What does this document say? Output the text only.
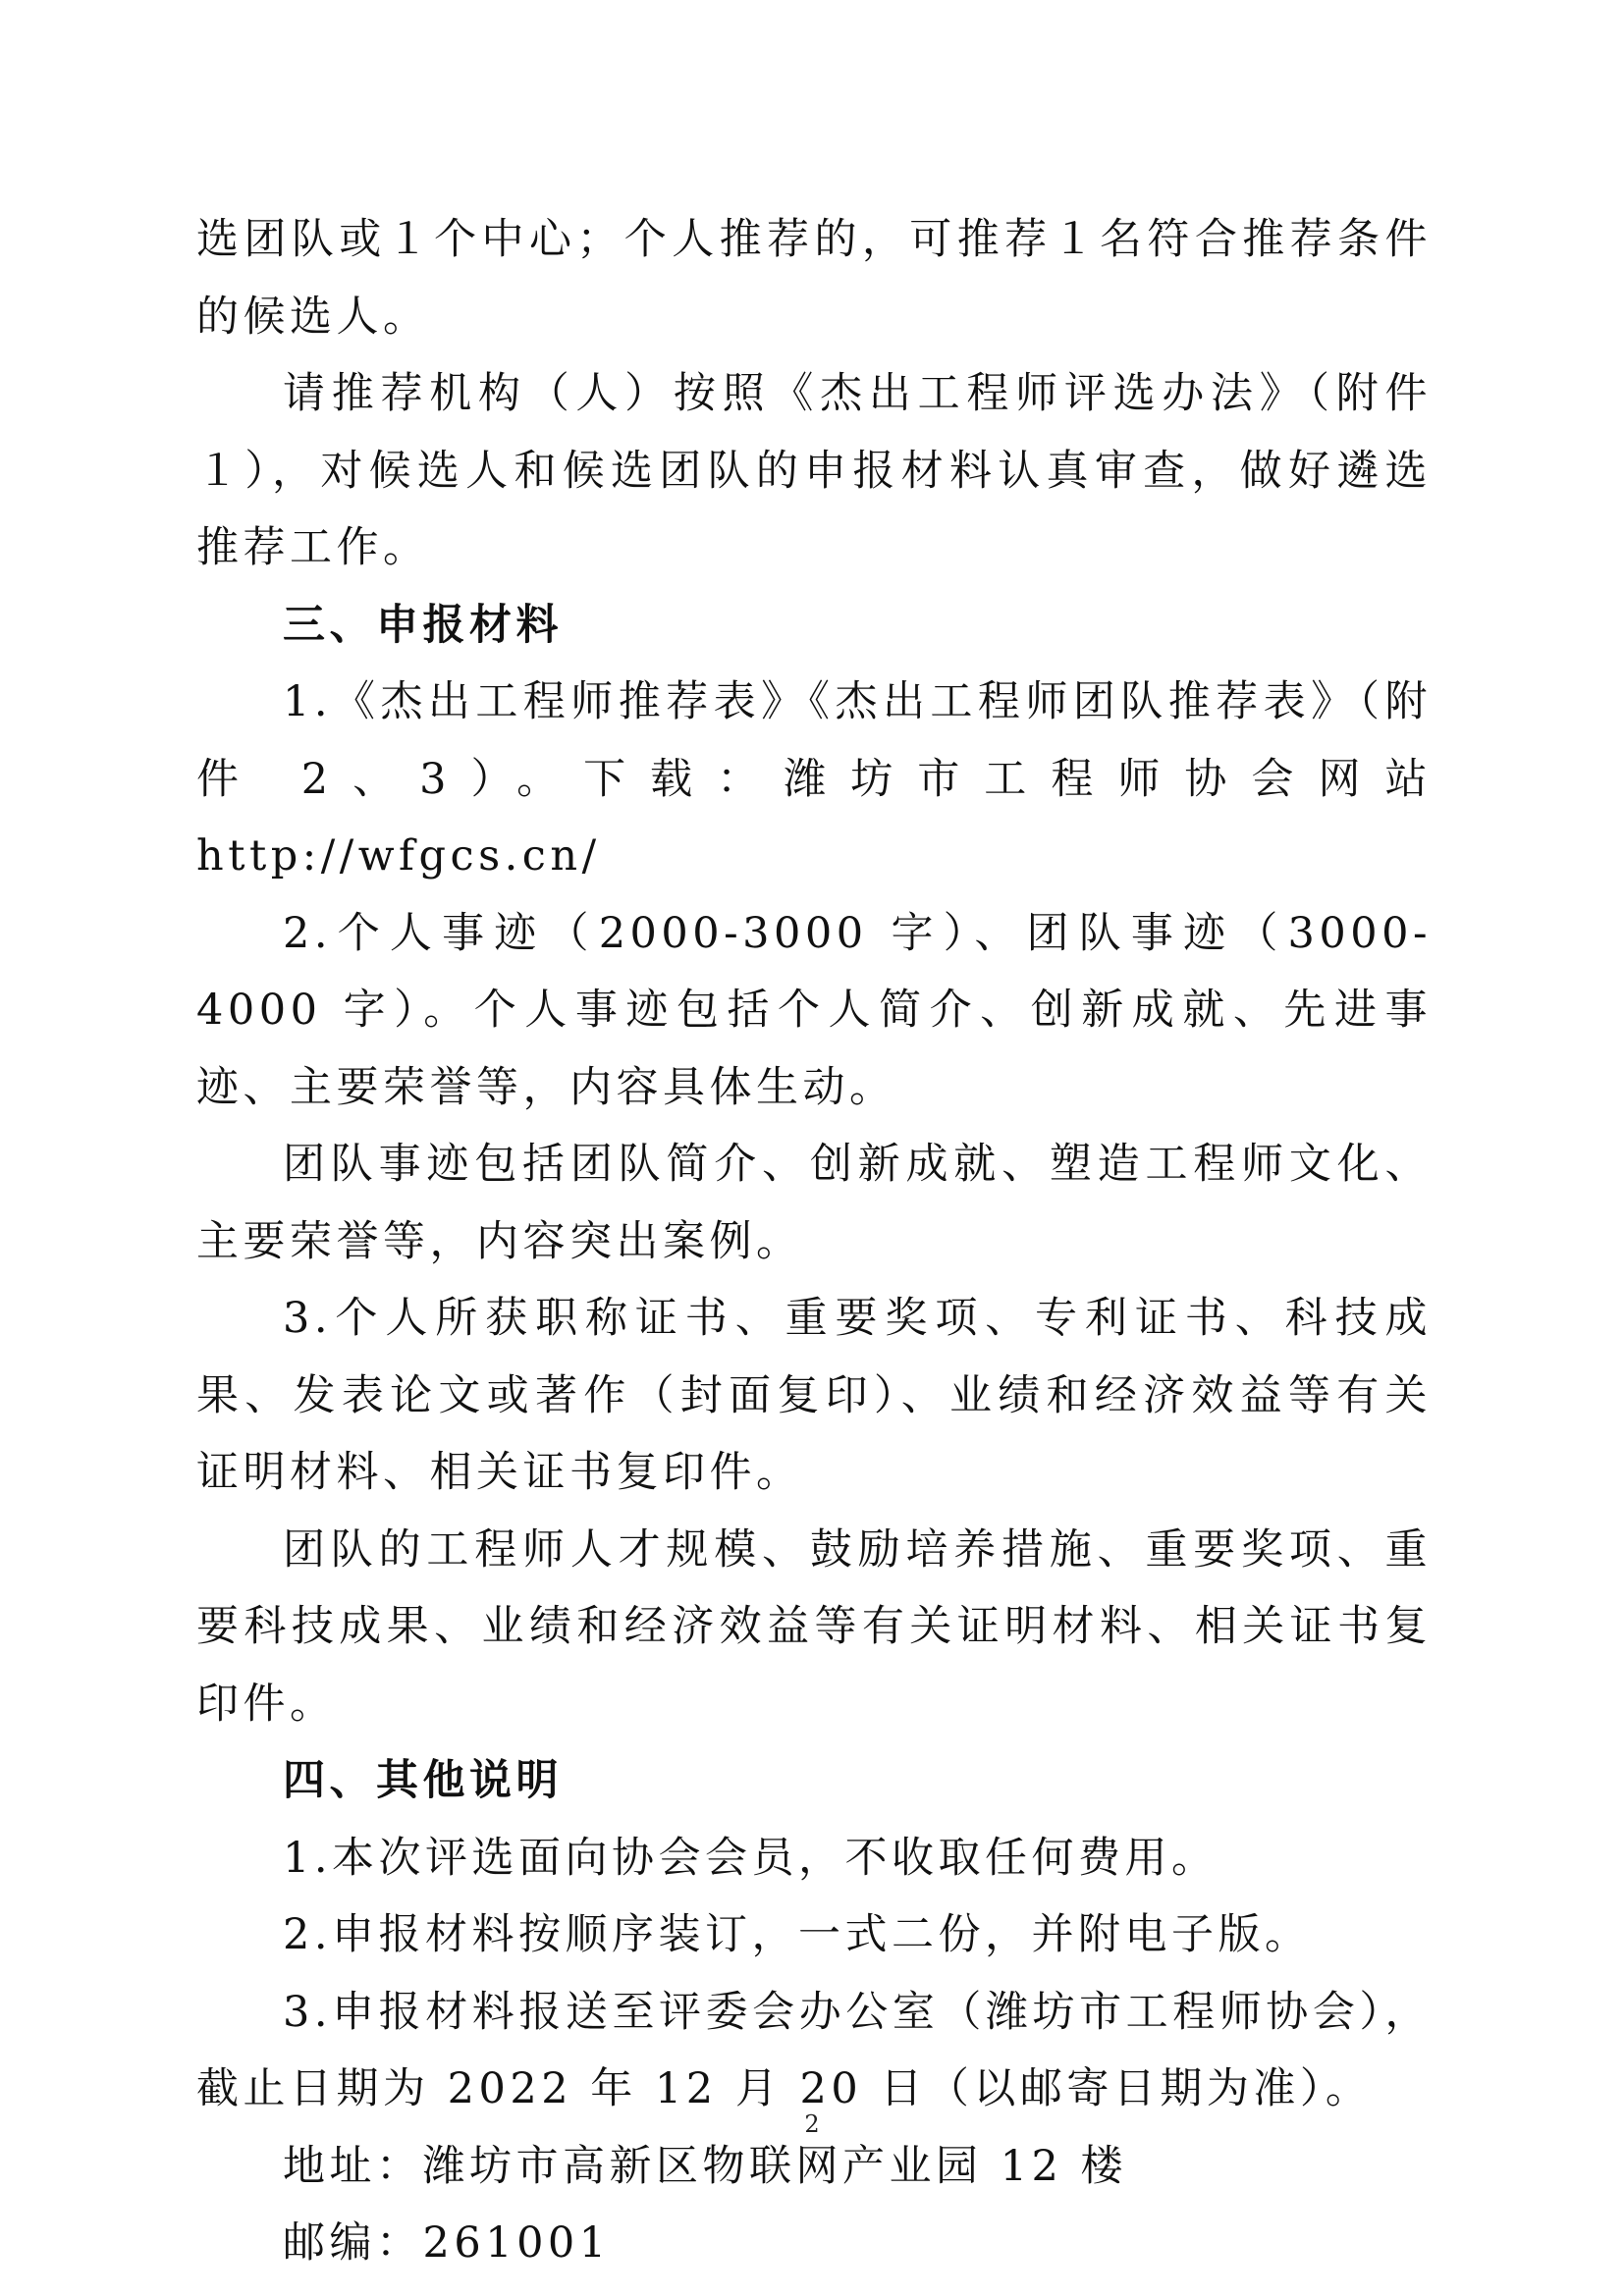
选团队或１个中心；个人推荐的，可推荐１名符合推荐条件的候选人。

请推荐机构（人）按照《杰出工程师评选办法》（附件１），对候选人和候选团队的申报材料认真审查，做好遴选推荐工作。

三、申报材料

1.《杰出工程师推荐表》《杰出工程师团队推荐表》（附件 2、3）。下载：潍坊市工程师协会网站 http://wfgcs.cn/

2.个人事迹（2000-3000 字）、团队事迹（3000-4000 字）。个人事迹包括个人简介、创新成就、先进事迹、主要荣誉等，内容具体生动。

团队事迹包括团队简介、创新成就、塑造工程师文化、主要荣誉等，内容突出案例。

3.个人所获职称证书、重要奖项、专利证书、科技成果、发表论文或著作（封面复印）、业绩和经济效益等有关证明材料、相关证书复印件。

团队的工程师人才规模、鼓励培养措施、重要奖项、重要科技成果、业绩和经济效益等有关证明材料、相关证书复印件。

四、其他说明

1.本次评选面向协会会员，不收取任何费用。

2.申报材料按顺序装订，一式二份，并附电子版。

3.申报材料报送至评委会办公室（潍坊市工程师协会），截止日期为 2022 年 12 月 20 日（以邮寄日期为准）。

地址：潍坊市高新区物联网产业园 12 楼

邮编：261001

2
